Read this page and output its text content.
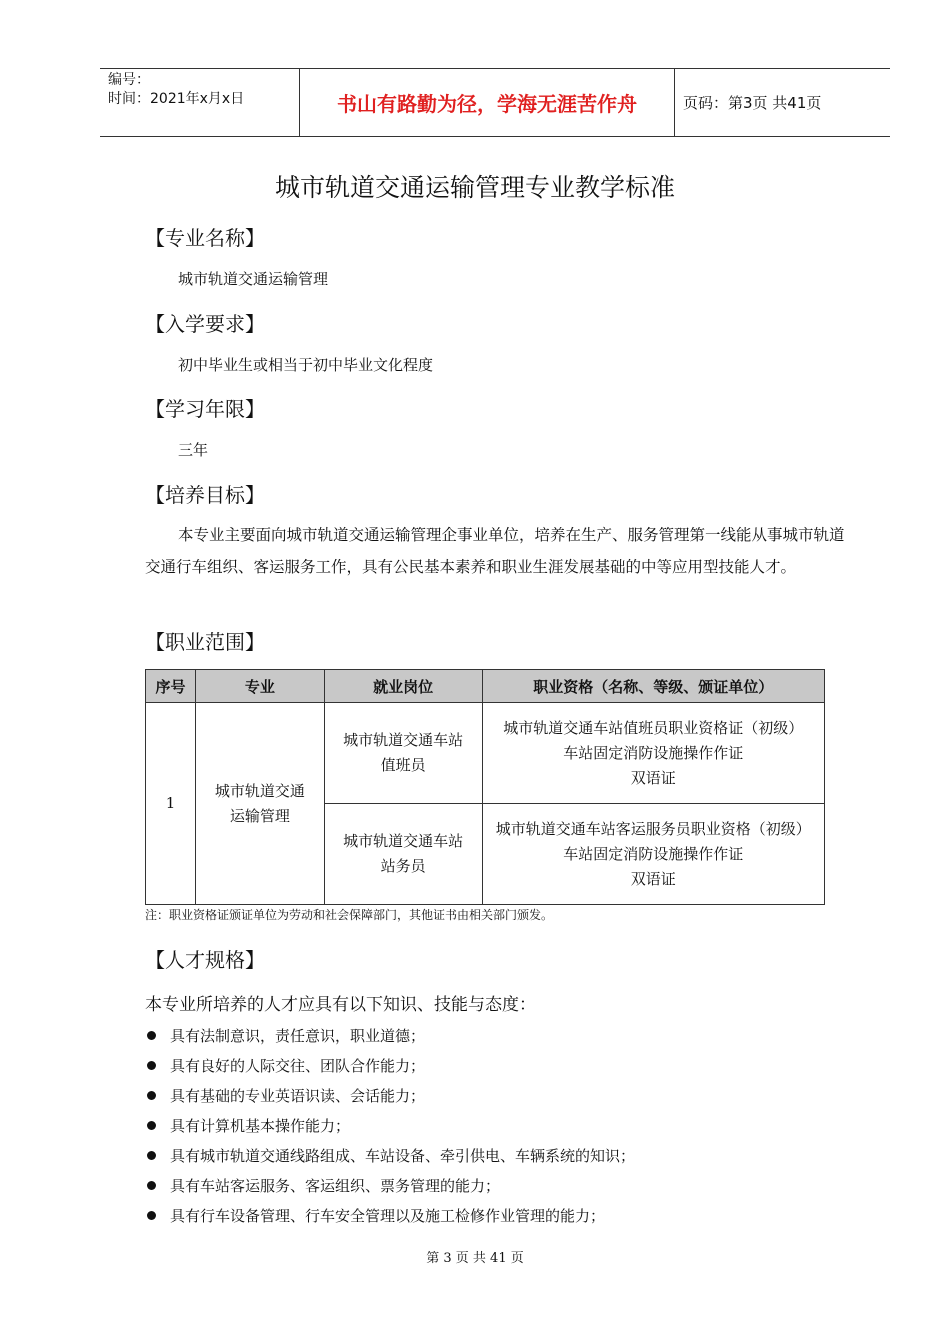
编号：
时间：2021年x月x日	书山有路勤为径，学海无涯苦作舟	页码：第3页 共41页
城市轨道交通运输管理专业教学标准
【专业名称】
城市轨道交通运输管理
【入学要求】
初中毕业生或相当于初中毕业文化程度
【学习年限】
三年
【培养目标】
本专业主要面向城市轨道交通运输管理企事业单位，培养在生产、服务管理第一线能从事城市轨道交通行车组织、客运服务工作，具有公民基本素养和职业生涯发展基础的中等应用型技能人才。
【职业范围】
序号	专业	就业岗位	职业资格（名称、等级、颁证单位）
1	城市轨道交通运输管理	城市轨道交通车站值班员	城市轨道交通车站值班员职业资格证（初级）
车站固定消防设施操作作证
双语证

		城市轨道交通车站站务员	城市轨道交通车站客运服务员职业资格（初级）
车站固定消防设施操作作证
双语证
注：职业资格证颁证单位为劳动和社会保障部门，其他证书由相关部门颁发。
【人才规格】
本专业所培养的人才应具有以下知识、技能与态度：
具有法制意识，责任意识，职业道德；
具有良好的人际交往、团队合作能力；
具有基础的专业英语识读、会话能力；
具有计算机基本操作能力；
具有城市轨道交通线路组成、车站设备、牵引供电、车辆系统的知识；
具有车站客运服务、客运组织、票务管理的能力；
具有行车设备管理、行车安全管理以及施工检修作业管理的能力；
第 3 页 共 41 页
